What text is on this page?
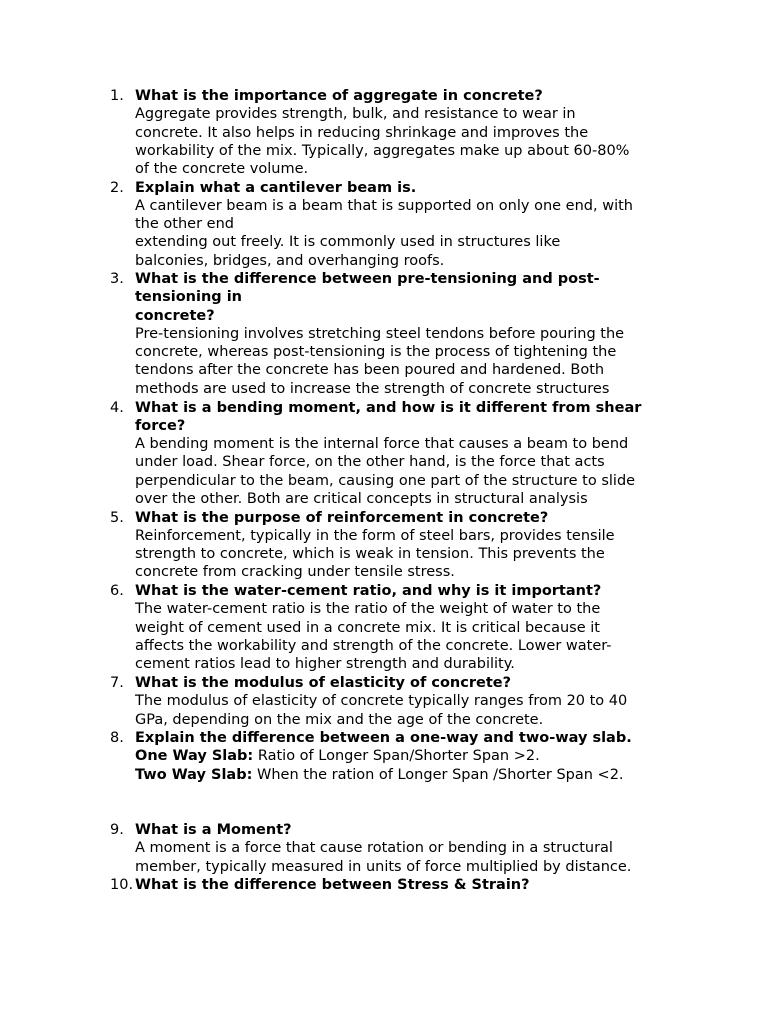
1. What is the importance of aggregate in concrete?
Aggregate provides strength, bulk, and resistance to wear in
concrete. It also helps in reducing shrinkage and improves the
workability of the mix. Typically, aggregates make up about 60-80%
of the concrete volume.
2. Explain what a cantilever beam is.
A cantilever beam is a beam that is supported on only one end, with
the other end
extending out freely. It is commonly used in structures like
balconies, bridges, and overhanging roofs.
3. What is the difference between pre-tensioning and post-
tensioning in
concrete?
Pre-tensioning involves stretching steel tendons before pouring the
concrete, whereas post-tensioning is the process of tightening the
tendons after the concrete has been poured and hardened. Both
methods are used to increase the strength of concrete structures
4. What is a bending moment, and how is it different from shear
force?
A bending moment is the internal force that causes a beam to bend
under load. Shear force, on the other hand, is the force that acts
perpendicular to the beam, causing one part of the structure to slide
over the other. Both are critical concepts in structural analysis
5. What is the purpose of reinforcement in concrete?
Reinforcement, typically in the form of steel bars, provides tensile
strength to concrete, which is weak in tension. This prevents the
concrete from cracking under tensile stress.
6. What is the water-cement ratio, and why is it important?
The water-cement ratio is the ratio of the weight of water to the
weight of cement used in a concrete mix. It is critical because it
affects the workability and strength of the concrete. Lower water-
cement ratios lead to higher strength and durability.
7. What is the modulus of elasticity of concrete?
The modulus of elasticity of concrete typically ranges from 20 to 40
GPa, depending on the mix and the age of the concrete.
8. Explain the difference between a one-way and two-way slab.
One Way Slab: Ratio of Longer Span/Shorter Span >2.
Two Way Slab: When the ration of Longer Span /Shorter Span <2.
9. What is a Moment?
A moment is a force that cause rotation or bending in a structural
member, typically measured in units of force multiplied by distance.
10. What is the difference between Stress & Strain?
